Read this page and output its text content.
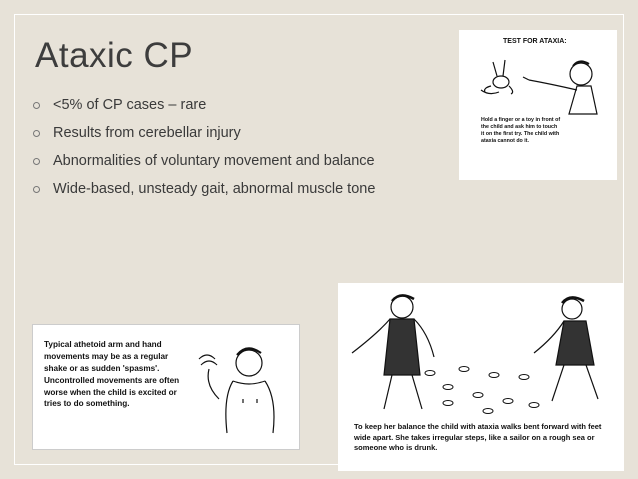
Ataxic CP
<5% of CP cases – rare
Results from cerebellar injury
Abnormalities of voluntary movement and balance
Wide-based, unsteady gait, abnormal muscle tone
TEST FOR ATAXIA:
Hold a finger or a toy in front of the child and ask him to touch it on the first try. The child with ataxia cannot do it.
Typical athetoid arm and hand movements may be as a regular shake or as sudden 'spasms'. Uncontrolled movements are often worse when the child is excited or tries to do something.
To keep her balance the child with ataxia walks bent forward with feet wide apart. She takes irregular steps, like a sailor on a rough sea or someone who is drunk.
